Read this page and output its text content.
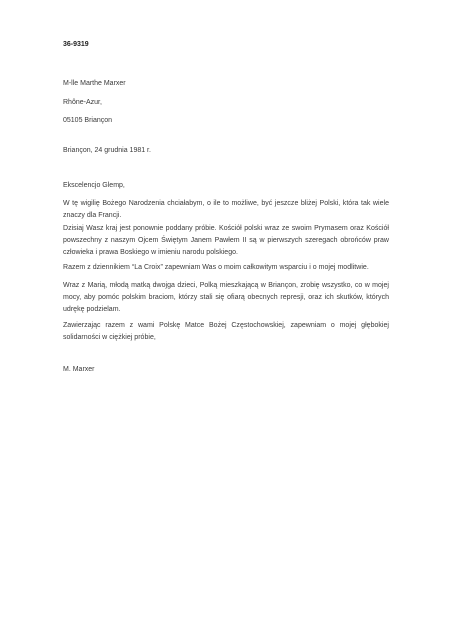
36-9319
M-lle Marthe Marxer
Rhône-Azur,
05105 Briançon
Briançon, 24 grudnia 1981 r.
Ekscelencjo Glemp,
W tę wigilię Bożego Narodzenia chciałabym, o ile to możliwe, być jeszcze bliżej Polski, która tak wiele znaczy dla Francji.
Dzisiaj Wasz kraj jest ponownie poddany próbie. Kościół polski wraz ze swoim Prymasem oraz Kościół powszechny z naszym Ojcem Świętym Janem Pawłem II są w pierwszych szeregach obrońców praw człowieka i prawa Boskiego w imieniu narodu polskiego.
Razem z dziennikiem “La Croix” zapewniam Was o moim całkowitym wsparciu i o mojej modlitwie.
Wraz z Marią, młodą matką dwojga dzieci, Polką mieszkającą w Briançon, zrobię wszystko, co w mojej mocy, aby pomóc polskim braciom, którzy stali się ofiarą obecnych represji, oraz ich skutków, których udrękę podzielam.
Zawierzając razem z wami Polskę Matce Bożej Częstochowskiej, zapewniam o mojej głębokiej solidarności w ciężkiej próbie,
M. Marxer
